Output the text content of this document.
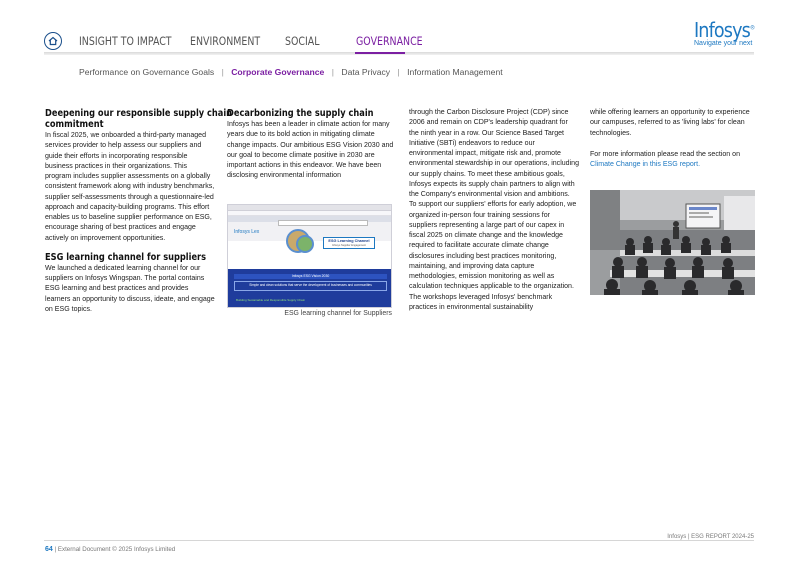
INSIGHT TO IMPACT ENVIRONMENT SOCIAL	GOVERNANCE	Infosys®
Navigate your next
Performance on Governance Goals | Corporate Governance | Data Privacy | Information Management
Deepening our responsible supply chain
commitment
In fiscal 2025, we onboarded a third-party managed services provider to help assess our suppliers and guide their efforts in incorporating responsible business practices in their organizations. This program includes supplier assessments on a globally consistent framework along with industry benchmarks, supplier self-assessments through a questionnaire-led approach and capacity-building programs. This effort enables us to baseline supplier performance on ESG, encourage sharing of best practices and engage actively on improvement opportunities.
ESG learning channel for suppliers
We launched a dedicated learning channel for our suppliers on Infosys Wingspan. The portal contains ESG learning and best practices and provides learners an opportunity to discuss, ideate, and engage on ESG topics.
Decarbonizing the supply chain
Infosys has been a leader in climate action for many years due to its bold action in mitigating climate change impacts. Our ambitious ESG Vision 2030 and our goal to become climate positive in 2030 are important actions in this endeavor. We have been disclosing environmental information
Infosys Lex
ESG Learning Channel
Infosys Supplier Engagement
Infosys ESG Vision 2030
Simple and clean solutions that serve the development of businesses and communities
Building Sustainable and Responsible Supply Chain
ESG learning channel for Suppliers
through the Carbon Disclosure Project (CDP) since 2006 and remain on CDP's leadership quadrant for the ninth year in a row. Our Science Based Target Initiative (SBTi) endeavors to reduce our environmental impact, mitigate risk and, promote environmental stewardship in our operations, including our supply chains. To meet these ambitious goals, Infosys expects its supply chain partners to align with the Company's environmental vision and ambitions. To support our suppliers' efforts for early adoption, we organized in-person four training sessions for suppliers representing a large part of our capex in fiscal 2025 on climate change and the knowledge required to facilitate accurate climate change disclosures including best practices monitoring, maintaining, and improving data capture methodologies, emission monitoring as well as calculation techniques applicable to the organization. The workshops leveraged Infosys' benchmark practices in environmental sustainability
while offering learners an opportunity to experience our campuses, referred to as 'living labs' for clean technologies.
For more information please read the section on Climate Change in this ESG report.
Infosys | ESG REPORT 2024-25
64 | External Document © 2025 Infosys Limited
